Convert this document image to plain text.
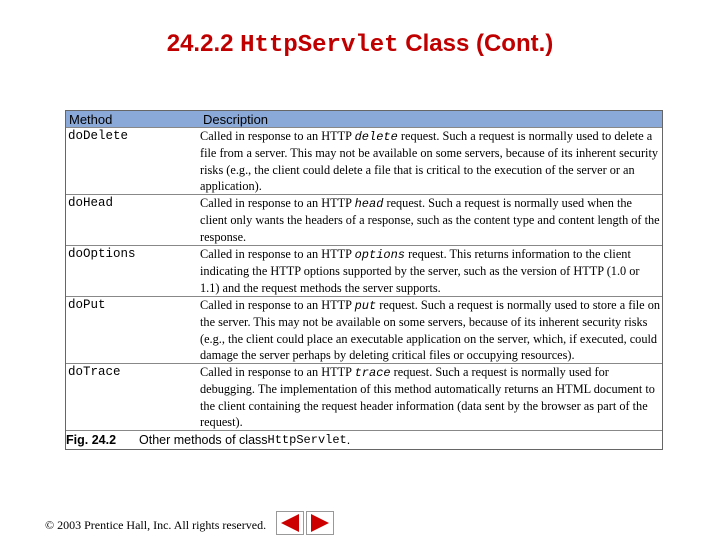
24.2.2 HttpServlet Class (Cont.)
Method	Description
doDelete	Called in response to an HTTP delete request. Such a request is normally used to delete a file from a server. This may not be available on some servers, because of its inherent security risks (e.g., the client could delete a file that is critical to the execution of the server or an application).
doHead	Called in response to an HTTP head request. Such a request is normally used when the client only wants the headers of a response, such as the content type and content length of the response.
doOptions	Called in response to an HTTP options request. This returns information to the client indicating the HTTP options supported by the server, such as the version of HTTP (1.0 or 1.1) and the request methods the server supports.
doPut	Called in response to an HTTP put request. Such a request is normally used to store a file on the server. This may not be available on some servers, because of its inherent security risks (e.g., the client could place an executable application on the server, which, if executed, could damage the server perhaps by deleting critical files or occupying resources).
doTrace	Called in response to an HTTP trace request. Such a request is normally used for debugging. The implementation of this method automatically returns an HTML document to the client containing the request header information (data sent by the browser as part of the request).
Fig. 24.2	Other methods of class HttpServlet .
© 2003 Prentice Hall, Inc. All rights reserved.
